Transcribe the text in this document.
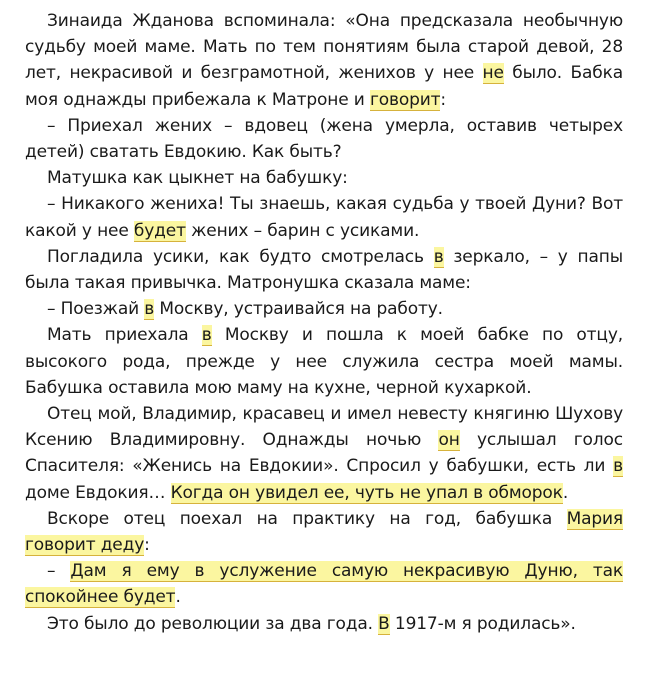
Зинаида Жданова вспоминала: «Она предсказала необычную судьбу моей маме. Мать по тем понятиям была старой девой, 28 лет, некрасивой и безграмотной, женихов у нее не было. Бабка моя однажды прибежала к Матроне и говорит:

– Приехал жених – вдовец (жена умерла, оставив четырех детей) сватать Евдокию. Как быть?

Матушка как цыкнет на бабушку:

– Никакого жениха! Ты знаешь, какая судьба у твоей Дуни? Вот какой у нее будет жених – барин с усиками.

Погладила усики, как будто смотрелась в зеркало, – у папы была такая привычка. Матронушка сказала маме:

– Поезжай в Москву, устраивайся на работу.

Мать приехала в Москву и пошла к моей бабке по отцу, высокого рода, прежде у нее служила сестра моей мамы. Бабушка оставила мою маму на кухне, черной кухаркой.

Отец мой, Владимир, красавец и имел невесту княгиню Шухову Ксению Владимировну. Однажды ночью он услышал голос Спасителя: «Женись на Евдокии». Спросил у бабушки, есть ли в доме Евдокия… Когда он увидел ее, чуть не упал в обморок.

Вскоре отец поехал на практику на год, бабушка Мария говорит деду:

– Дам я ему в услужение самую некрасивую Дуню, так спокойнее будет.

Это было до революции за два года. В 1917-м я родилась».
